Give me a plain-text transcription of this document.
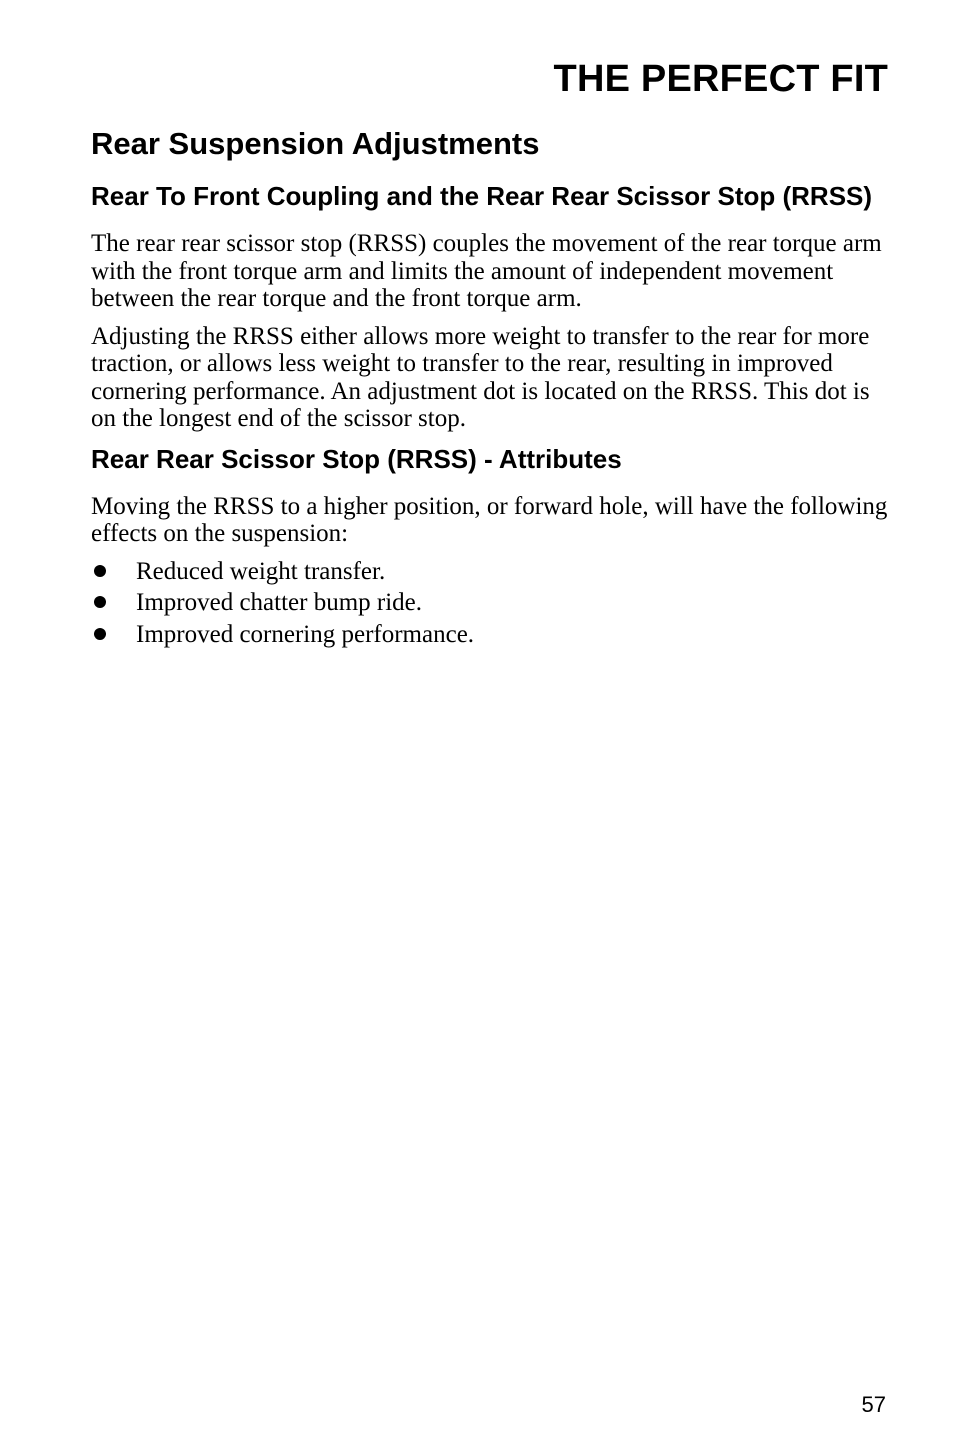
THE PERFECT FIT
Rear Suspension Adjustments
Rear To Front Coupling and the Rear Rear Scissor Stop (RRSS)

The rear rear scissor stop (RRSS) couples the movement of the rear torque arm with the front torque arm and limits the amount of independent movement between the rear torque and the front torque arm.

Adjusting the RRSS either allows more weight to transfer to the rear for more traction, or allows less weight to transfer to the rear, resulting in improved cornering performance. An adjustment dot is located on the RRSS. This dot is on the longest end of the scissor stop.

Rear Rear Scissor Stop (RRSS) - Attributes

Moving the RRSS to a higher position, or forward hole, will have the following effects on the suspension:

Reduced weight transfer.
Improved chatter bump ride.
Improved cornering performance.
57
